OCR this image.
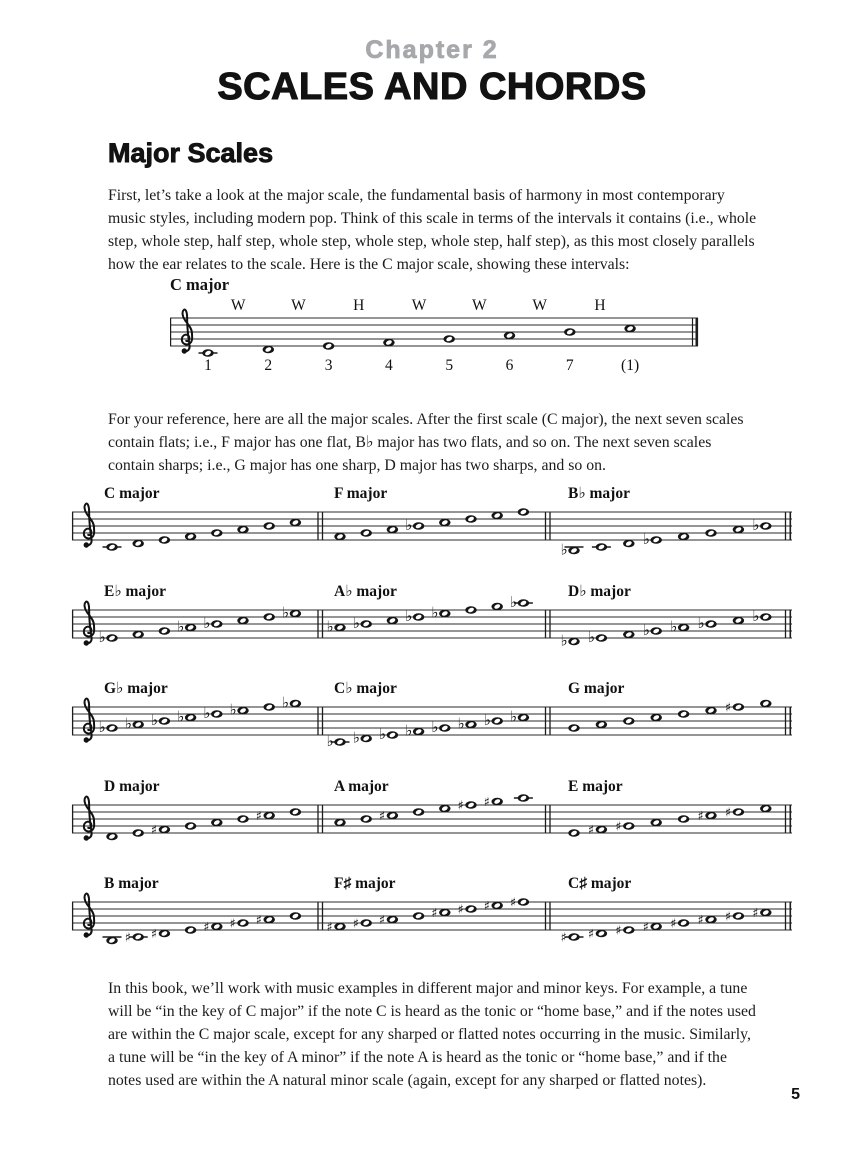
Chapter 2
SCALES AND CHORDS
Major Scales

First, let’s take a look at the major scale, the fundamental basis of harmony in most contemporary music styles, including modern pop. Think of this scale in terms of the intervals it contains (i.e., whole step, whole step, half step, whole step, whole step, whole step, half step), as this most closely parallels how the ear relates to the scale. Here is the C major scale, showing these intervals:

C major
W	W	H	W	W	W	H
1	2	3	4	5	6	7	(1)

For your reference, here are all the major scales. After the first scale (C major), the next seven scales contain flats; i.e., F major has one flat, B♭ major has two flats, and so on. The next seven scales contain sharps; i.e., G major has one sharp, D major has two sharps, and so on.

C major	F major
♭
B♭ major
♭
♭
♭
E♭ major
♭
♭ ♭
♭
A♭ major
♭ ♭	♭ ♭
♭
D♭ major
♭ ♭	♭ ♭ ♭	♭
G♭ major
♭ ♭ ♭ ♭ ♭ ♭	♭
C♭ major
♭ ♭ ♭ ♭ ♭ ♭ ♭ ♭
G major
♯
D major
♯
♯
A major
♯
♯ ♯
E major
♯ ♯
♯ ♯
B major
♯ ♯	♯ ♯ ♯
F♯ major
♯ ♯ ♯	♯ ♯ ♯ ♯
C♯ major
♯ ♯ ♯ ♯ ♯ ♯ ♯ ♯

In this book, we’ll work with music examples in different major and minor keys. For example, a tune will be “in the key of C major” if the note C is heard as the tonic or “home base,” and if the notes used are within the C major scale, except for any sharped or flatted notes occurring in the music. Similarly, a tune will be “in the key of A minor” if the note A is heard as the tonic or “home base,” and if the notes used are within the A natural minor scale (again, except for any sharped or flatted notes).

5
